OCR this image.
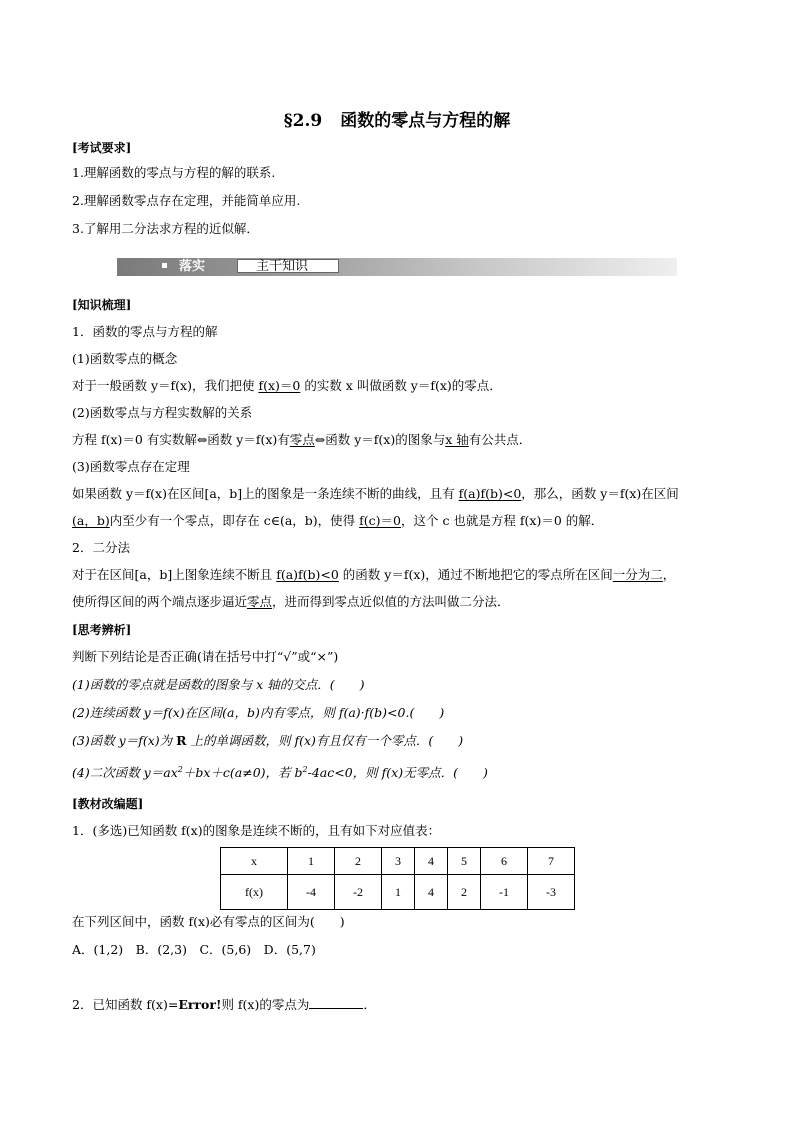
§2.9 函数的零点与方程的解
[考试要求]
1.理解函数的零点与方程的解的联系.
2.理解函数零点存在定理，并能简单应用.
3.了解用二分法求方程的近似解．
落实	主干知识
[知识梳理]
1．函数的零点与方程的解
(1)函数零点的概念
对于一般函数 y＝f(x)，我们把使 f(x)＝0 的实数 x 叫做函数 y＝f(x)的零点．
(2)函数零点与方程实数解的关系
方程 f(x)＝0 有实数解⇔函数 y＝f(x)有零点⇔函数 y＝f(x)的图象与x 轴有公共点．
(3)函数零点存在定理
如果函数 y＝f(x)在区间[a，b]上的图象是一条连续不断的曲线，且有 f(a)f(b)<0，那么，函数 y＝f(x)在区间
(a，b)内至少有一个零点，即存在 c∈(a，b)，使得 f(c)＝0，这个 c 也就是方程 f(x)＝0 的解．
2．二分法
对于在区间[a，b]上图象连续不断且 f(a)f(b)<0 的函数 y＝f(x)，通过不断地把它的零点所在区间一分为二，
使所得区间的两个端点逐步逼近零点，进而得到零点近似值的方法叫做二分法．
[思考辨析]
判断下列结论是否正确(请在括号中打“√”或“×”)
(1)函数的零点就是函数的图象与 x 轴的交点．(　　)
(2)连续函数 y＝f(x)在区间(a，b)内有零点，则 f(a)·f(b)<0.(　　)
(3)函数 y＝f(x)为 R 上的单调函数，则 f(x)有且仅有一个零点．(　　)
(4)二次函数 $y=ax^2+bx+c(a\ne 0)$，若 $b^2-4ac<0$，则 f(x)无零点．(　　)
[教材改编题]
1．(多选)已知函数 f(x)的图象是连续不断的，且有如下对应值表：
x	1	2	3	4	5	6	7
f(x)	-4	-2	1	4	2	-1	-3
在下列区间中，函数 f(x)必有零点的区间为(　　)
A．(1,2)　B．(2,3)　C．(5,6)　D．(5,7)
2．已知函数 f(x)=Error!则 f(x)的零点为	．
